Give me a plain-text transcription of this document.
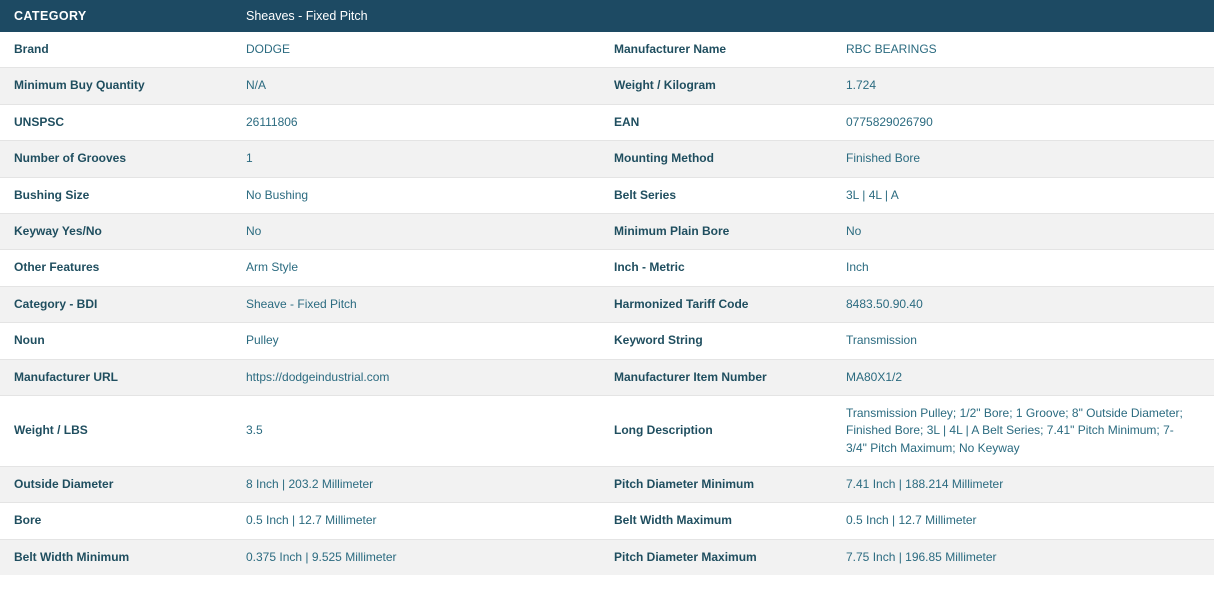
CATEGORY	Sheaves - Fixed Pitch
Brand	DODGE	Manufacturer Name	RBC BEARINGS

Minimum Buy Quantity	N/A	Weight / Kilogram	1.724

UNSPSC	26111806	EAN	0775829026790

Number of Grooves	1	Mounting Method	Finished Bore

Bushing Size	No Bushing	Belt Series	3L | 4L | A

Keyway Yes/No	No	Minimum Plain Bore	No

Other Features	Arm Style	Inch - Metric	Inch

Category - BDI	Sheave - Fixed Pitch	Harmonized Tariff Code	8483.50.90.40

Noun	Pulley	Keyword String	Transmission

Manufacturer URL	https://dodgeindustrial.com	Manufacturer Item Number	MA80X1/2

Weight / LBS	3.5	Long Description	Transmission Pulley; 1/2" Bore; 1 Groove; 8" Outside Diameter; Finished Bore; 3L | 4L | A Belt Series; 7.41" Pitch Minimum; 7-3/4" Pitch Maximum; No Keyway

Outside Diameter	8 Inch | 203.2 Millimeter	Pitch Diameter Minimum	7.41 Inch | 188.214 Millimeter

Bore	0.5 Inch | 12.7 Millimeter	Belt Width Maximum	0.5 Inch | 12.7 Millimeter

Belt Width Minimum	0.375 Inch | 9.525 Millimeter	Pitch Diameter Maximum	7.75 Inch | 196.85 Millimeter
